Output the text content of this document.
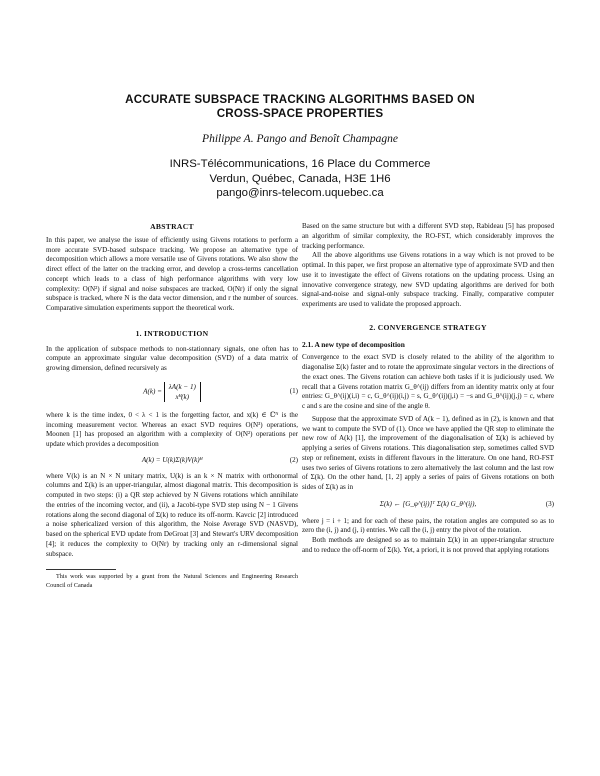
ACCURATE SUBSPACE TRACKING ALGORITHMS BASED ON
CROSS-SPACE PROPERTIES
Philippe A. Pango and Benoît Champagne
INRS-Télécommunications, 16 Place du Commerce
Verdun, Québec, Canada, H3E 1H6
pango@inrs-telecom.uquebec.ca

ABSTRACT

In this paper, we analyse the issue of efficiently using Givens rotations to perform a more accurate SVD-based subspace tracking. We propose an alternative type of decomposition which allows a more versatile use of Givens rotations. We also show the direct effect of the latter on the tracking error, and develop a cross-terms cancellation concept which leads to a class of high performance algorithms with very low complexity: O(N²) if signal and noise subspaces are tracked, O(Nr) if only the signal subspace is tracked, where N is the data vector dimension, and r the number of sources. Comparative simulation experiments support the theoretical work.

1. INTRODUCTION

In the application of subspace methods to non-stationnary signals, one often has to compute an approximate singular value decomposition (SVD) of a data matrix of growing dimension, defined recursively as

A(k) =
λA(k − 1)
xᴴ(k)
(1)

where k is the time index, 0 < λ < 1 is the forgetting factor, and x(k) ∈ ℂᴺ is the incoming measurement vector. Whereas an exact SVD requires O(N³) operations, Moonen [1] has proposed an algorithm with a complexity of O(N²) operations per update which provides a decomposition

A(k) = U(k)Σ(k)V(k)ᴴ	(2)

where V(k) is an N × N unitary matrix, U(k) is an k × N matrix with orthonormal columns and Σ(k) is an upper-triangular, almost diagonal matrix. This decomposition is computed in two steps: (i) a QR step achieved by N Givens rotations which annihilate the entries of the incoming vector, and (ii), a Jacobi-type SVD step using N − 1 Givens rotations along the second diagonal of Σ(k) to reduce its off-norm. Kavcic [2] introduced a noise sphericalized version of this algorithm, the Noise Average SVD (NASVD), based on the spherical EVD update from DeGroat [3] and Stewart's URV decomposition [4]; it reduces the complexity to O(Nr) by tracking only an r-dimensional signal subspace.

This work was supported by a grant from the Natural Sciences and Engineering Research Council of Canada

Based on the same structure but with a different SVD step, Rabideau [5] has proposed an algorithm of similar complexity, the RO-FST, which considerably improves the tracking performance.

All the above algorithms use Givens rotations in a way which is not proved to be optimal. In this paper, we first propose an alternative type of approximate SVD and then use it to investigate the effect of Givens rotations on the updating process. Using an innovative convergence strategy, new SVD updating algorithms are derived for both signal-and-noise and signal-only subspace tracking. Finally, comparative computer experiments are used to validate the proposed approach.

2. CONVERGENCE STRATEGY

2.1. A new type of decomposition

Convergence to the exact SVD is closely related to the ability of the algorithm to diagonalise Σ(k) faster and to rotate the approximate singular vectors in the directions of the exact ones. The Givens rotation can achieve both tasks if it is judiciously used. We recall that a Givens rotation matrix G_θ^(ij) differs from an identity matrix only at four entries: G_θ^(ij)(i,i) = c, G_θ^(ij)(i,j) = s, G_θ^(ij)(j,i) = −s and G_θ^(ij)(j,j) = c, where c and s are the cosine and sine of the angle θ.

Suppose that the approximate SVD of A(k − 1), defined as in (2), is known and that we want to compute the SVD of (1). Once we have applied the QR step to eliminate the new row of A(k) [1], the improvement of the diagonalisation of Σ(k) is achieved by applying a series of Givens rotations. This diagonalisation step, sometimes called SVD step or refinement, exists in different flavours in the litterature. On one hand, RO-FST uses two series of Givens rotations to zero alternatively the last column and the last row of Σ(k). On the other hand, [1, 2] apply a series of pairs of Givens rotations on both sides of Σ(k) as in

Σ(k) ← [G_φ^(ij)]ᵀ Σ(k) G_θ^(ij),	(3)

where j = i + 1; and for each of these pairs, the rotation angles are computed so as to zero the (i, j) and (j, i) entries. We call the (i, j) entry the pivot of the rotation.

Both methods are designed so as to maintain Σ(k) in an upper-triangular structure and to reduce the off-norm of Σ(k). Yet, a priori, it is not proved that applying rotations
